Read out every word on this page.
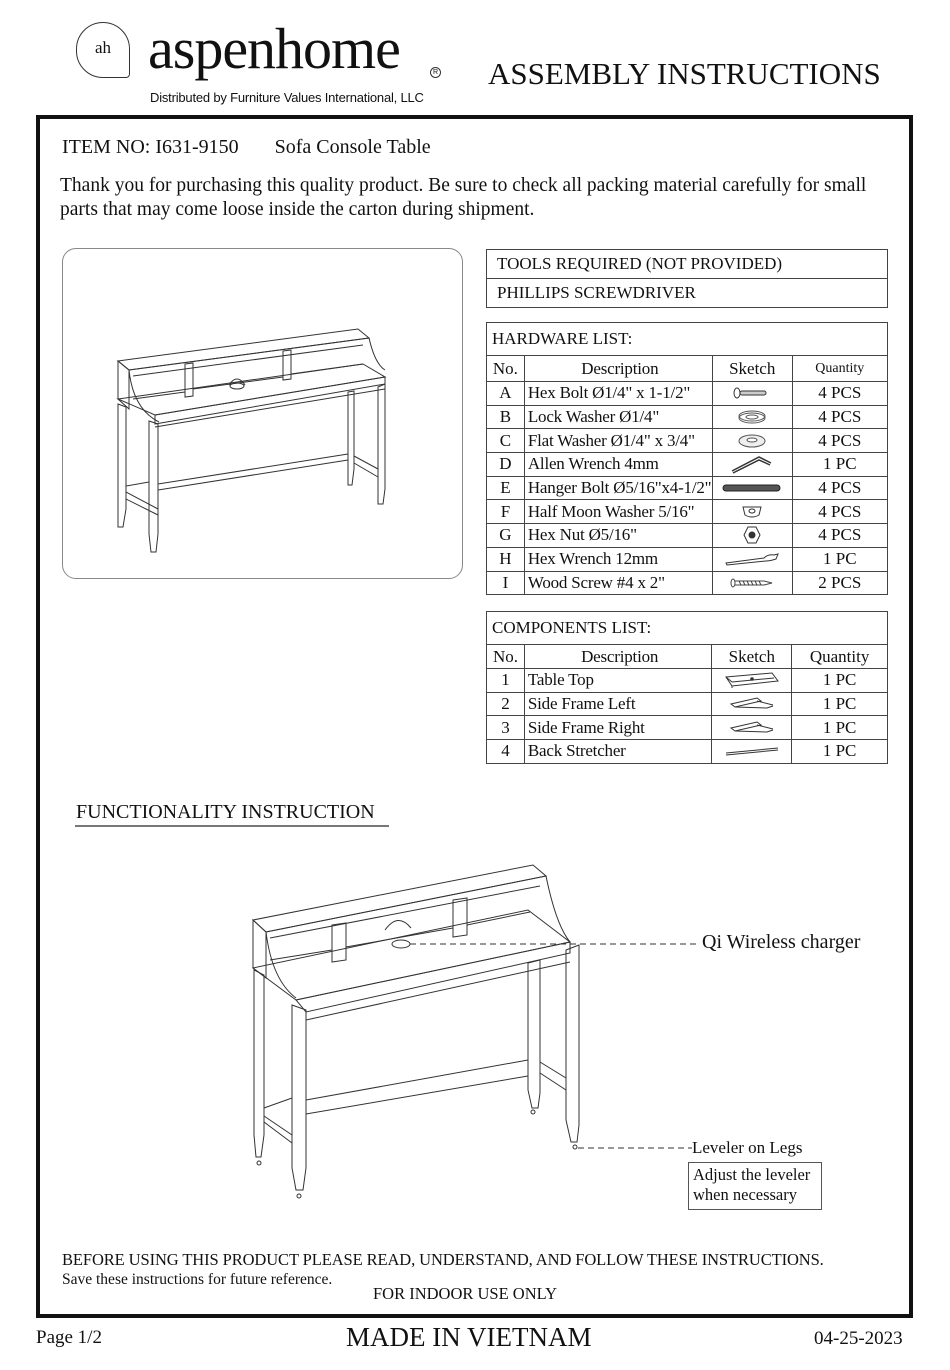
ah aspenhome	R
Distributed by Furniture Values International, LLC
ASSEMBLY INSTRUCTIONS
ITEM NO: I631-9150 Sofa Console Table
Thank you for purchasing this quality product. Be sure to check all packing material carefully for small parts that may come loose inside the carton during shipment.
TOOLS REQUIRED (NOT PROVIDED)
PHILLIPS SCREWDRIVER
HARDWARE LIST:			
No.	Description	Sketch	Quantity
A	Hex Bolt Ø1/4" x 1-1/2"		4 PCS
B	Lock Washer Ø1/4"		4 PCS
C	Flat Washer Ø1/4" x 3/4"		4 PCS
D	Allen Wrench 4mm		1 PC
E	Hanger Bolt Ø5/16"x4-1/2"		4 PCS
F	Half Moon Washer 5/16"		4 PCS
G	Hex Nut Ø5/16"		4 PCS
H	Hex Wrench 12mm		1 PC
I	Wood Screw #4 x 2"		2 PCS
COMPONENTS LIST:			
No.	Description	Sketch	Quantity
1	Table Top		1 PC
2	Side Frame Left		1 PC
3	Side Frame Right		1 PC
4	Back Stretcher		1 PC
FUNCTIONALITY INSTRUCTION
Qi Wireless charger
Leveler on Legs
Adjust the leveler
when necessary
BEFORE USING THIS PRODUCT PLEASE READ, UNDERSTAND, AND FOLLOW THESE INSTRUCTIONS.
Save these instructions for future reference.
FOR INDOOR USE ONLY
Page 1/2	MADE IN VIETNAM	04-25-2023
